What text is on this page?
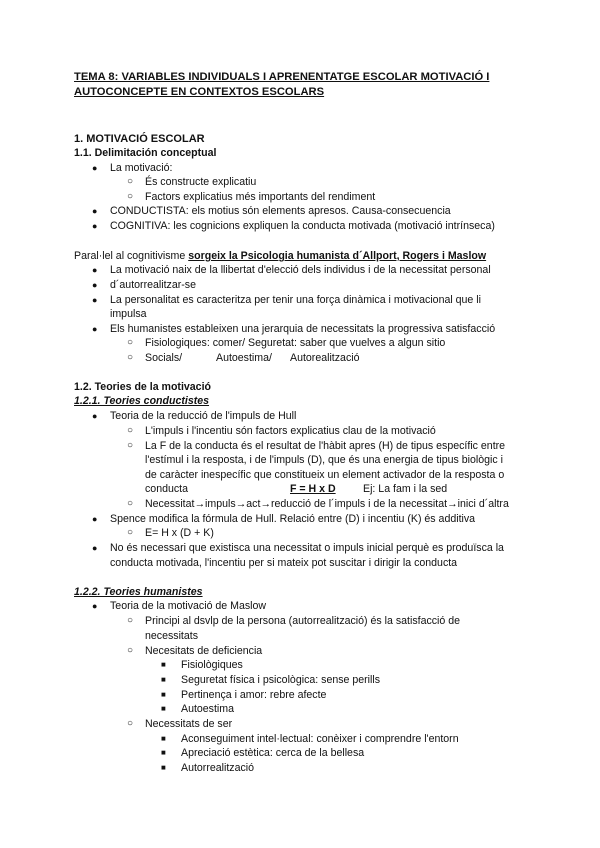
TEMA 8: VARIABLES INDIVIDUALS I APRENENTATGE ESCOLAR MOTIVACIÓ I AUTOCONCEPTE EN CONTEXTOS ESCOLARS

1. MOTIVACIÓ ESCOLAR

1.1. Delimitación conceptual

● La motivació:

○ És constructe explicatiu

○ Factors explicatius més importants del rendiment

● CONDUCTISTA: els motius són elements apresos. Causa-consecuencia

● COGNITIVA: les cognicions expliquen la conducta motivada (motivació intrínseca)

Paral·lel al cognitivisme sorgeix la Psicologia humanista d´Allport, Rogers i Maslow

● La motivació naix de la llibertat d'elecció dels individus i de la necessitat personal

● d´autorrealitzar-se

● La personalitat es caracteritza per tenir una força dinàmica i motivacional que li

impulsa

● Els humanistes estableixen una jerarquia de necessitats la progressiva satisfacció

○ Fisiologiques: comer/ Seguretat: saber que vuelves a algun sitio

○ Socials/	Autoestima/ Autorealització

1.2. Teories de la motivació

1.2.1. Teories conductistes

● Teoria de la reducció de l'impuls de Hull

○ L'impuls i l'incentiu són factors explicatius clau de la motivació

○ La F de la conducta és el resultat de l'hàbit apres (H) de tipus específic entre

l'estímul i la resposta, i de l'impuls (D), que és una energia de tipus biològic i

de caràcter inespecífic que constitueix un element activador de la resposta o

conducta	F = H x D	Ej: La fam i la sed

○ Necessitat→impuls→act→reducció de l´impuls i de la necessitat→inici d´altra

● Spence modifica la fórmula de Hull. Relació entre (D) i incentiu (K) és additiva

○ E= H x (D + K)

● No és necessari que existisca una necessitat o impuls inicial perquè es produïsca la

conducta motivada, l'incentiu per si mateix pot suscitar i dirigir la conducta

1.2.2. Teories humanistes

● Teoria de la motivació de Maslow

○ Principi al dsvlp de la persona (autorrealització) és la satisfacció de

necessitats

○ Necesitats de deficiencia

■ Fisiològiques

■ Seguretat física i psicològica: sense perills

■ Pertinença i amor: rebre afecte

■ Autoestima

○ Necessitats de ser

■ Aconseguiment intel·lectual: conèixer i comprendre l'entorn

■ Apreciació estètica: cerca de la bellesa

■ Autorrealització
